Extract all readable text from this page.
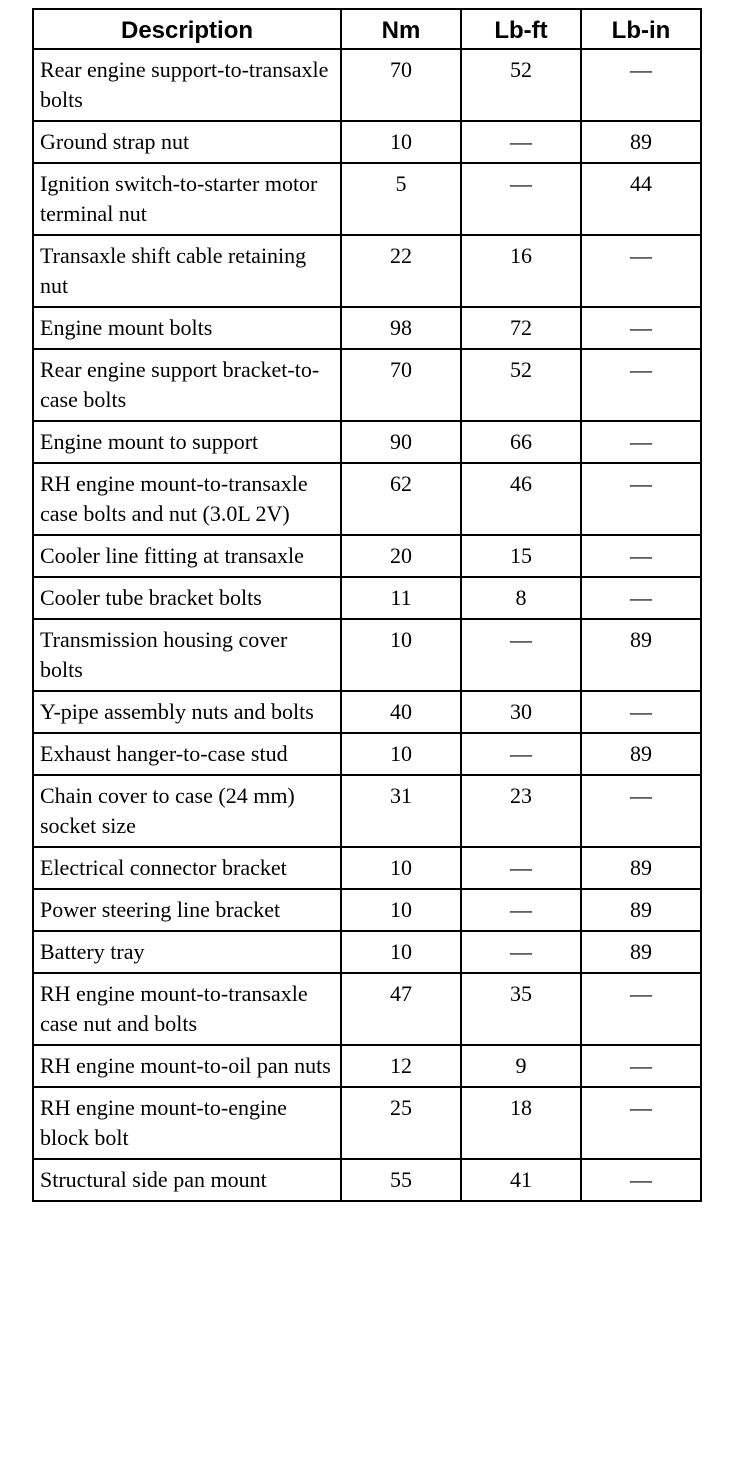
Description	Nm	Lb-ft	Lb-in
Rear engine support-to-transaxle bolts	70	52	—
Ground strap nut	10	—	89
Ignition switch-to-starter motor terminal nut	5	—	44
Transaxle shift cable retaining nut	22	16	—
Engine mount bolts	98	72	—
Rear engine support bracket-to-case bolts	70	52	—
Engine mount to support	90	66	—
RH engine mount-to-transaxle case bolts and nut (3.0L 2V)	62	46	—
Cooler line fitting at transaxle	20	15	—
Cooler tube bracket bolts	11	8	—
Transmission housing cover bolts	10	—	89
Y-pipe assembly nuts and bolts	40	30	—
Exhaust hanger-to-case stud	10	—	89
Chain cover to case (24 mm) socket size	31	23	—
Electrical connector bracket	10	—	89
Power steering line bracket	10	—	89
Battery tray	10	—	89
RH engine mount-to-transaxle case nut and bolts	47	35	—
RH engine mount-to-oil pan nuts	12	9	—
RH engine mount-to-engine block bolt	25	18	—
Structural side pan mount	55	41	—
